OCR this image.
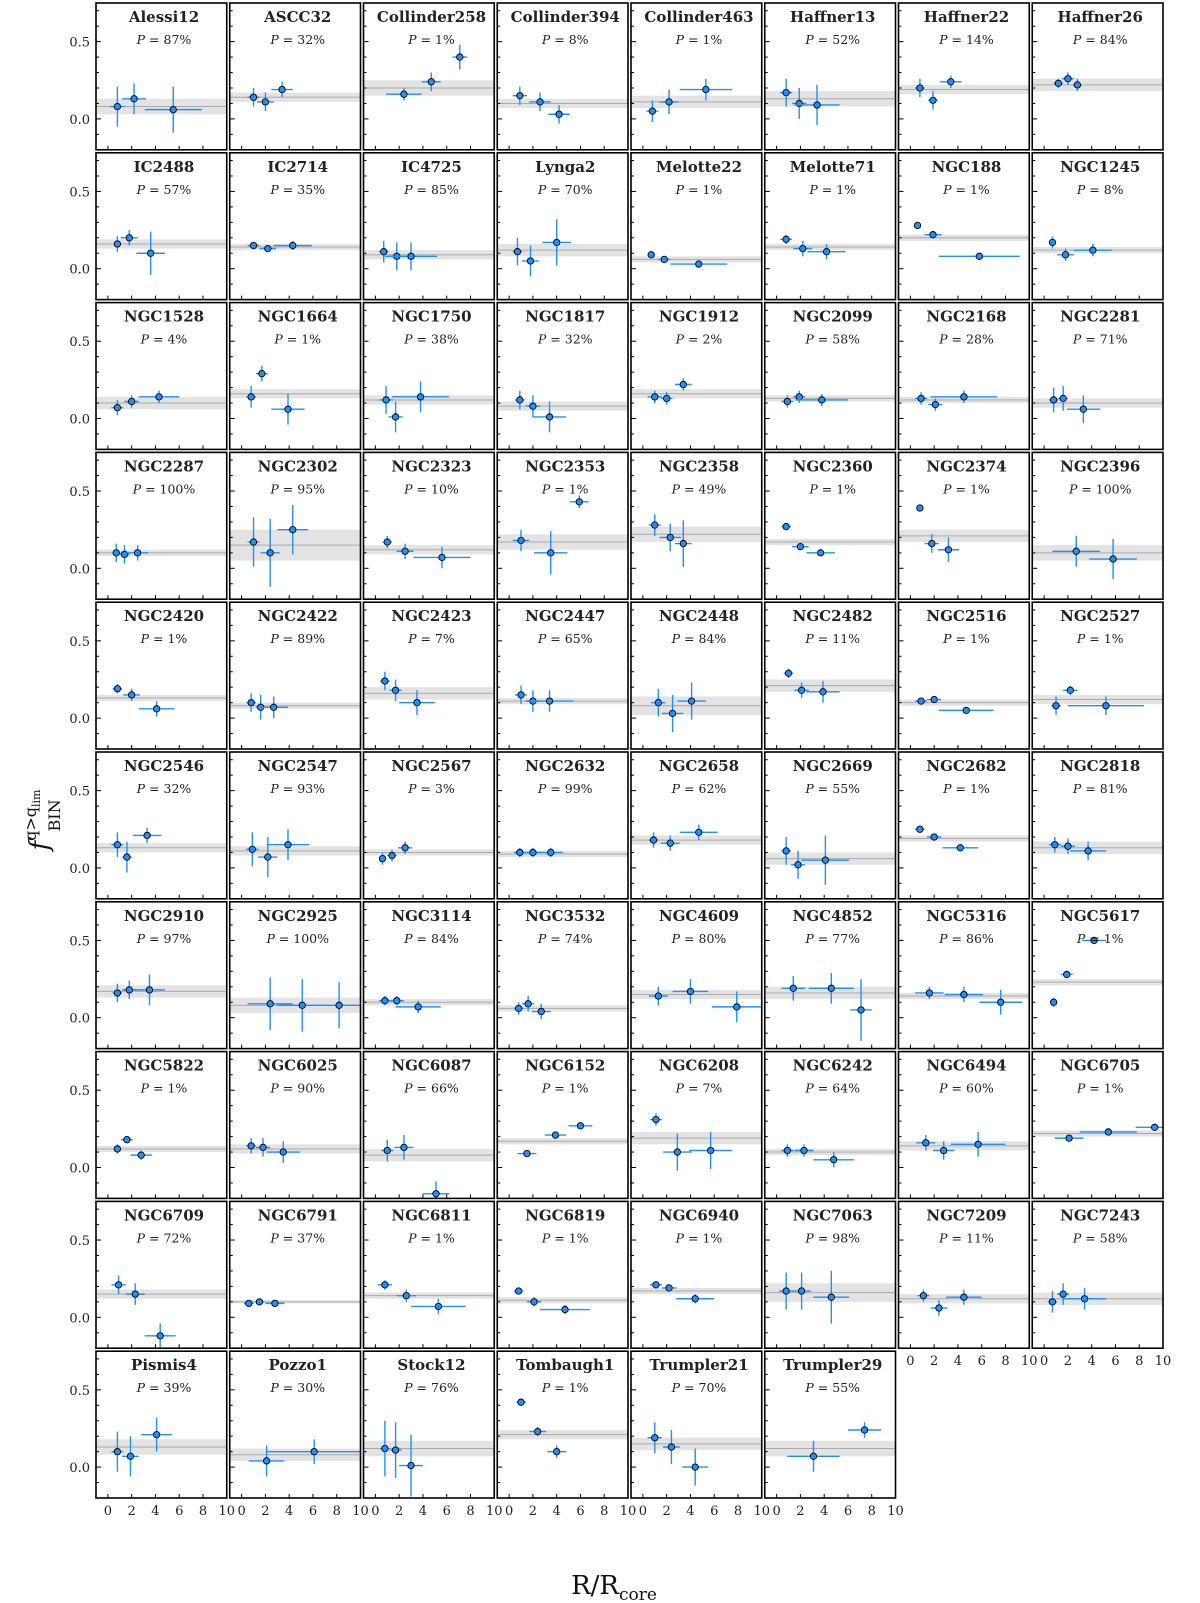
Alessi12
P = 87%
0.0
0.5
ASCC32
P = 32%
Collinder258
P = 1%
Collinder394
P = 8%
Collinder463
P = 1%
Haffner13
P = 52%
Haffner22
P = 14%
Haffner26
P = 84%
IC2488
P = 57%
0.0
0.5
IC2714
P = 35%
IC4725
P = 85%
Lynga2
P = 70%
Melotte22
P = 1%
Melotte71
P = 1%
NGC188
P = 1%
NGC1245
P = 8%
NGC1528
P = 4%
0.0
0.5
NGC1664
P = 1%
NGC1750
P = 38%
NGC1817
P = 32%
NGC1912
P = 2%
NGC2099
P = 58%
NGC2168
P = 28%
NGC2281
P = 71%
NGC2287
P = 100%
0.0
0.5
NGC2302
P = 95%
NGC2323
P = 10%
NGC2353
P = 1%
NGC2358
P = 49%
NGC2360
P = 1%
NGC2374
P = 1%
NGC2396
P = 100%
NGC2420
P = 1%
0.0
0.5
NGC2422
P = 89%
NGC2423
P = 7%
NGC2447
P = 65%
NGC2448
P = 84%
NGC2482
P = 11%
NGC2516
P = 1%
NGC2527
P = 1%
NGC2546
P = 32%
0.0
0.5
NGC2547
P = 93%
NGC2567
P = 3%
NGC2632
P = 99%
NGC2658
P = 62%
NGC2669
P = 55%
NGC2682
P = 1%
NGC2818
P = 81%
NGC2910
P = 97%
0.0
0.5
NGC2925
P = 100%
NGC3114
P = 84%
NGC3532
P = 74%
NGC4609
P = 80%
NGC4852
P = 77%
NGC5316
P = 86%
NGC5617
P = 1%
NGC5822
P = 1%
0.0
0.5
NGC6025
P = 90%
NGC6087
P = 66%
NGC6152
P = 1%
NGC6208
P = 7%
NGC6242
P = 64%
NGC6494
P = 60%
NGC6705
P = 1%
NGC6709
P = 72%
0.0
0.5
NGC6791
P = 37%
NGC6811
P = 1%
NGC6819
P = 1%
NGC6940
P = 1%
NGC7063
P = 98%
NGC7209
P = 11%
NGC7243
P = 58%
Pismis4
P = 39%
0.0
0.5
Pozzo1
P = 30%
Stock12
P = 76%
Tombaugh1
P = 1%
Trumpler21
P = 70%
Trumpler29
P = 55%
0 2 4 6 8 10 0 2 4 6 8 10 0 2 4 6 8 10 0 2 4 6 8 10 0 2 4 6 8 10 0 2 4 6 8 10
0 2 4 6 8 10 0 2 4 6 8 10
$R/R_{core}$
$f^{q>q}limBIN$
